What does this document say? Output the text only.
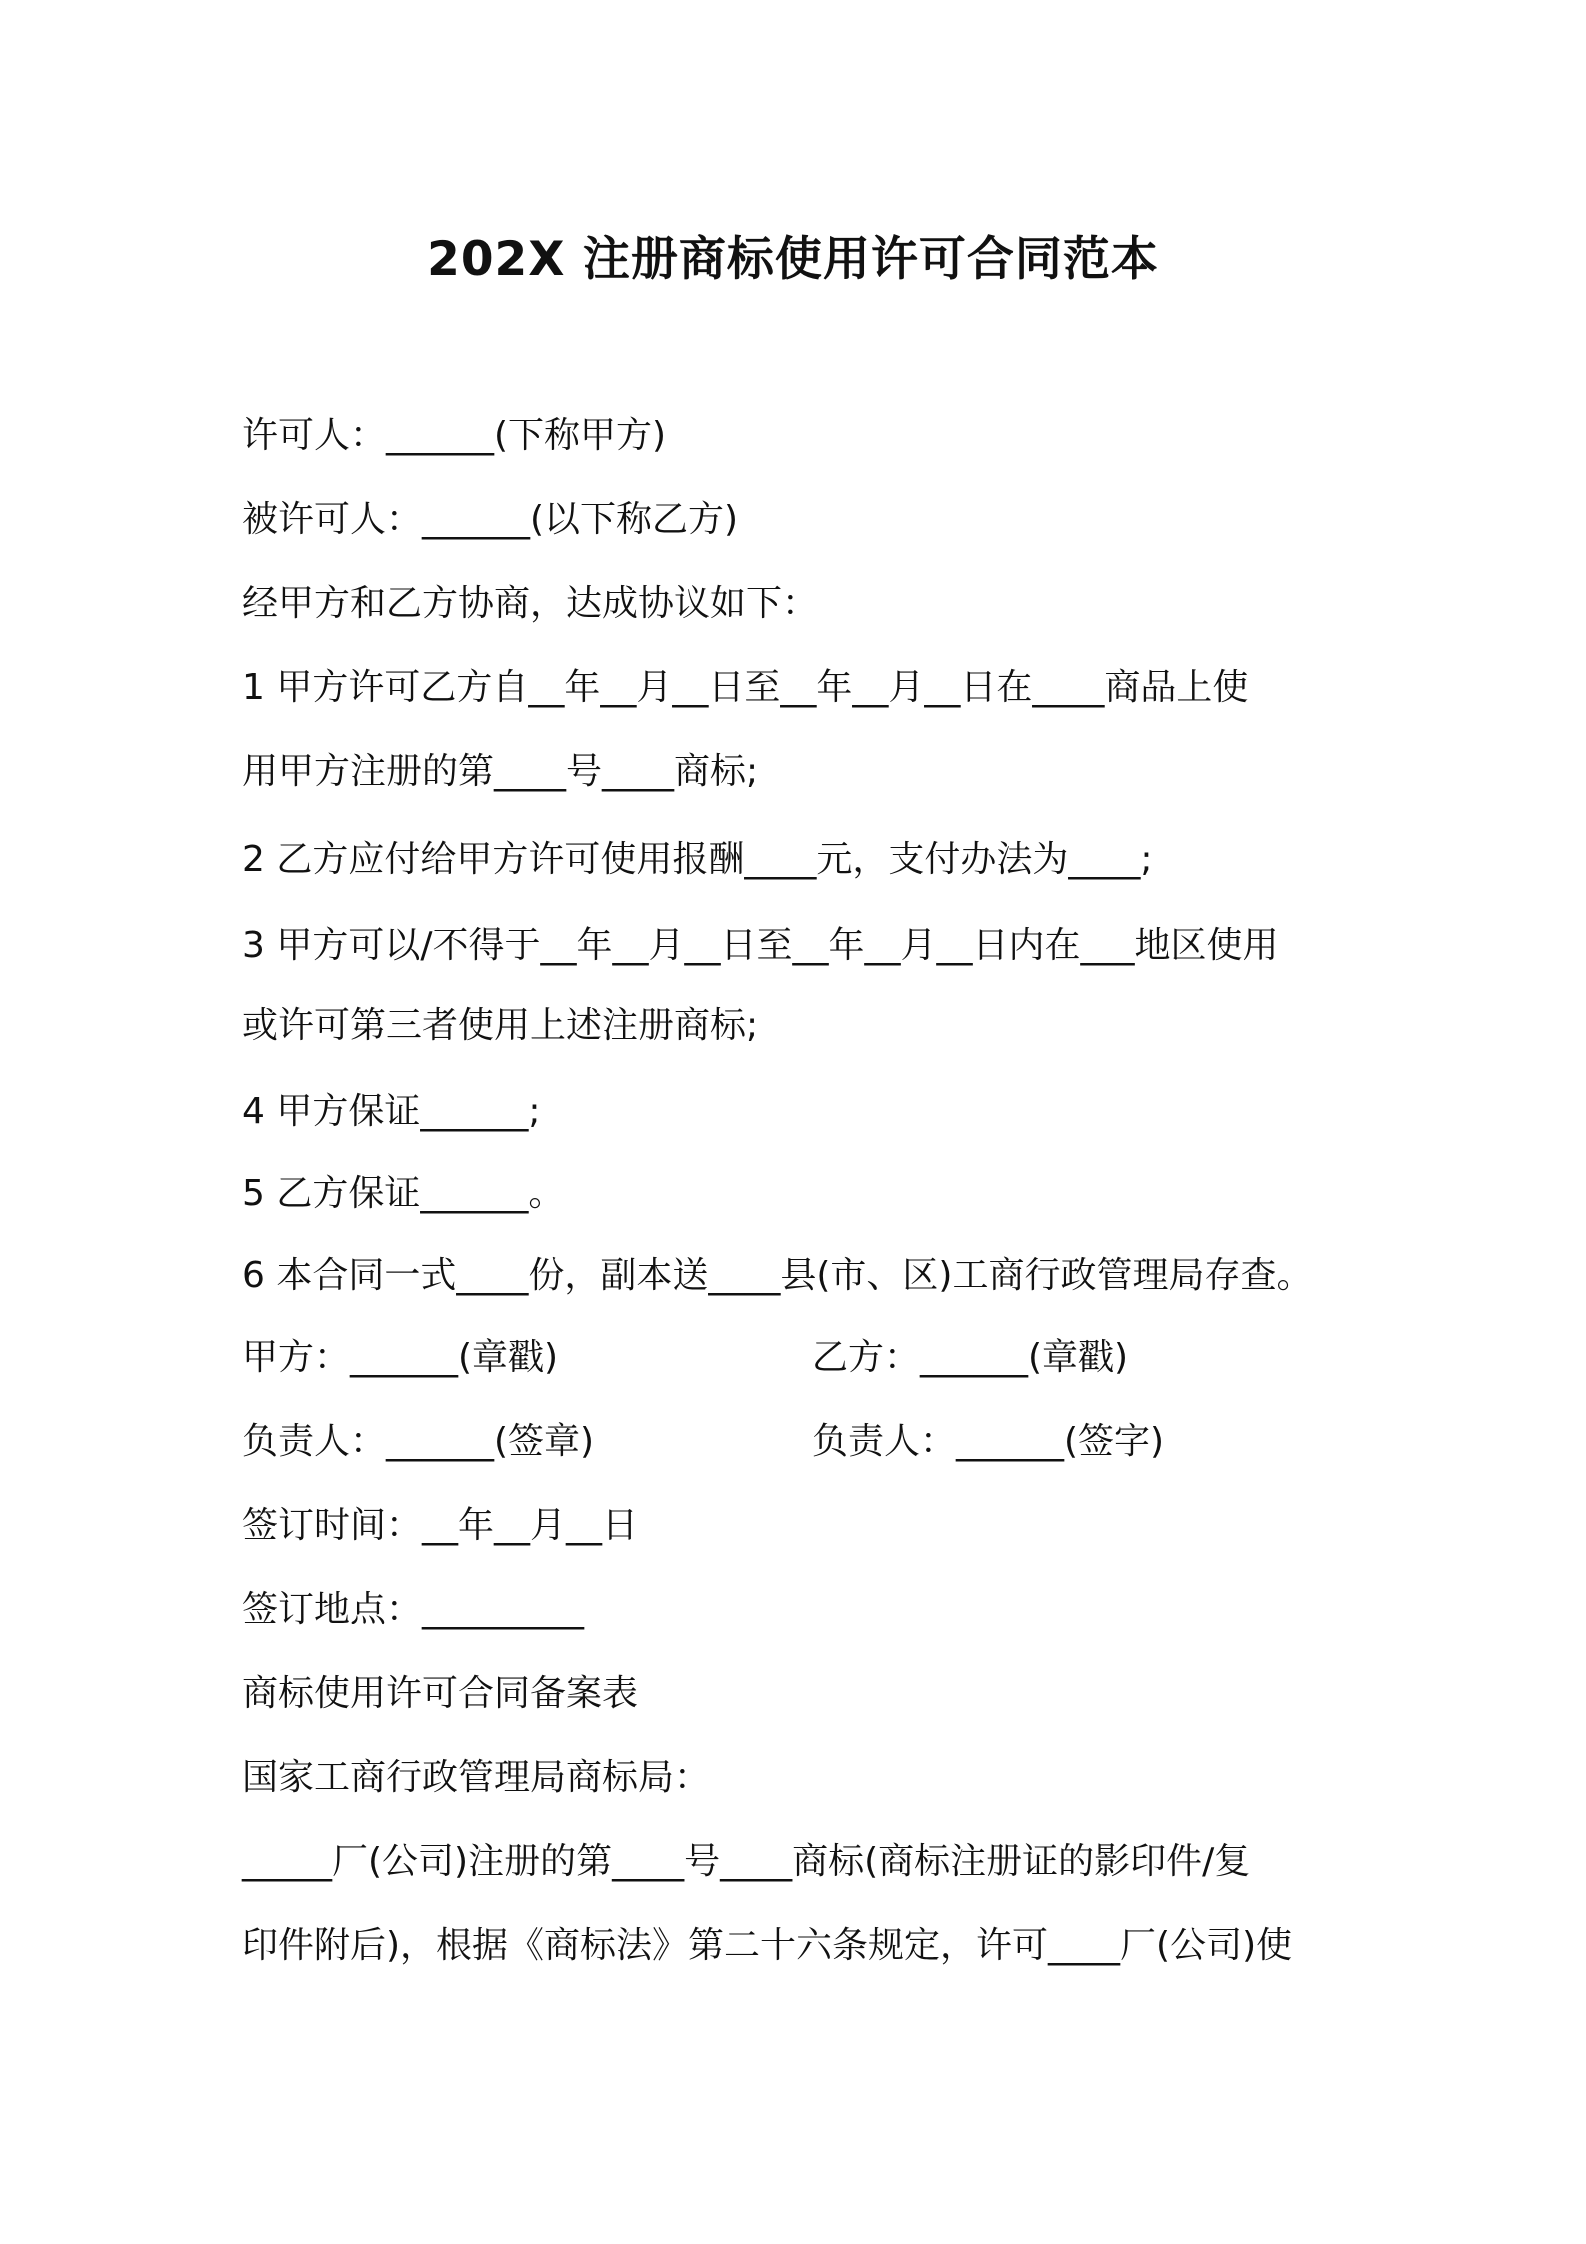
202X 注册商标使用许可合同范本
许可人：______(下称甲方)
被许可人：______(以下称乙方)
经甲方和乙方协商，达成协议如下：
1 甲方许可乙方自__年__月__日至__年__月__日在____商品上使
用甲方注册的第____号____商标;
2 乙方应付给甲方许可使用报酬____元，支付办法为____;
3 甲方可以/不得于__年__月__日至__年__月__日内在___地区使用
或许可第三者使用上述注册商标;
4 甲方保证______;
5 乙方保证______。
6 本合同一式____份，副本送____县(市、区)工商行政管理局存查。
甲方：______(章戳)	乙方：______(章戳)
负责人：______(签章)	负责人：______(签字)
签订时间：__年__月__日
签订地点：_________
商标使用许可合同备案表
国家工商行政管理局商标局：
_____厂(公司)注册的第____号____商标(商标注册证的影印件/复
印件附后)，根据《商标法》第二十六条规定，许可____厂(公司)使
